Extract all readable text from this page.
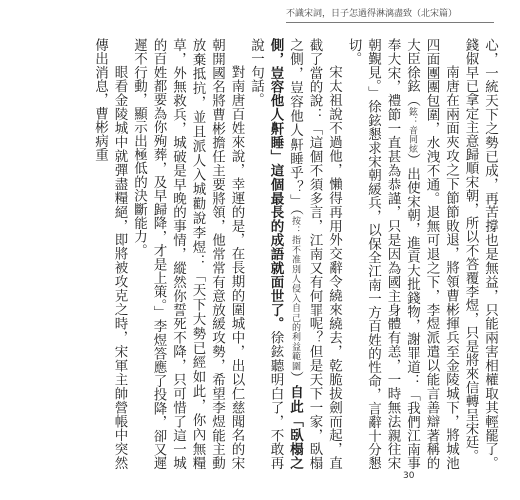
不識宋詞，日子怎過得淋漓盡致（北宋篇）
心，一統天下之勢已成，再苦撐也是無益，只能兩害相權取其輕罷了。錢俶早已拿定主意歸順宋朝，所以不答覆李煜，只是將來信轉呈宋廷。
南唐在兩面夾攻之下節節敗退，將領曹彬揮兵至金陵城下，將城池四面團團包圍，水洩不通。退無可退之下，李煜派遣以能言善辯著稱的大臣徐鉉（鉉：音同炫）出使宋朝，進貢大批錢物，謝罪道：「我們江南事奉大宋，禮節一直甚為恭謹，只是因為國主身體有恙，一時無法親往宋朝覲見。」徐鉉懇求宋朝緩兵，以保全江南一方百姓的性命，言辭十分懇切。
宋太祖說不過他，懶得再用外交辭令繞來繞去，乾脆拔劍而起，直截了當的說：「這個不須多言，江南又有何罪呢？但是天下一家，臥榻之側，豈容他人鼾睡乎？」（按：指不准別人侵入自己的利益範圍）自此「臥榻之側，豈容他人鼾睡」這個最長的成語就面世了。徐鉉聽明白了，不敢再說一句話。
對南唐百姓來說，幸運的是，在長期的圍城中，出以仁慈聞名的宋朝開國名將曹彬擔任主要將領，他常常有意放緩攻勢，希望李煜能主動放棄抵抗，並且派人入城勸說李煜：「天下大勢已經如此，你內無糧草，外無救兵，城破是早晚的事情，縱然你誓死不降，只可惜了這一城的百姓都要為你殉葬，及早歸降，才是上策。」李煜答應了投降，卻又遲遲不行動，顯示出極低的決斷能力。
眼看金陵城中就彈盡糧絕，即將被攻克之時，宋軍主帥營帳中突然傳出消息，曹彬病重
30
